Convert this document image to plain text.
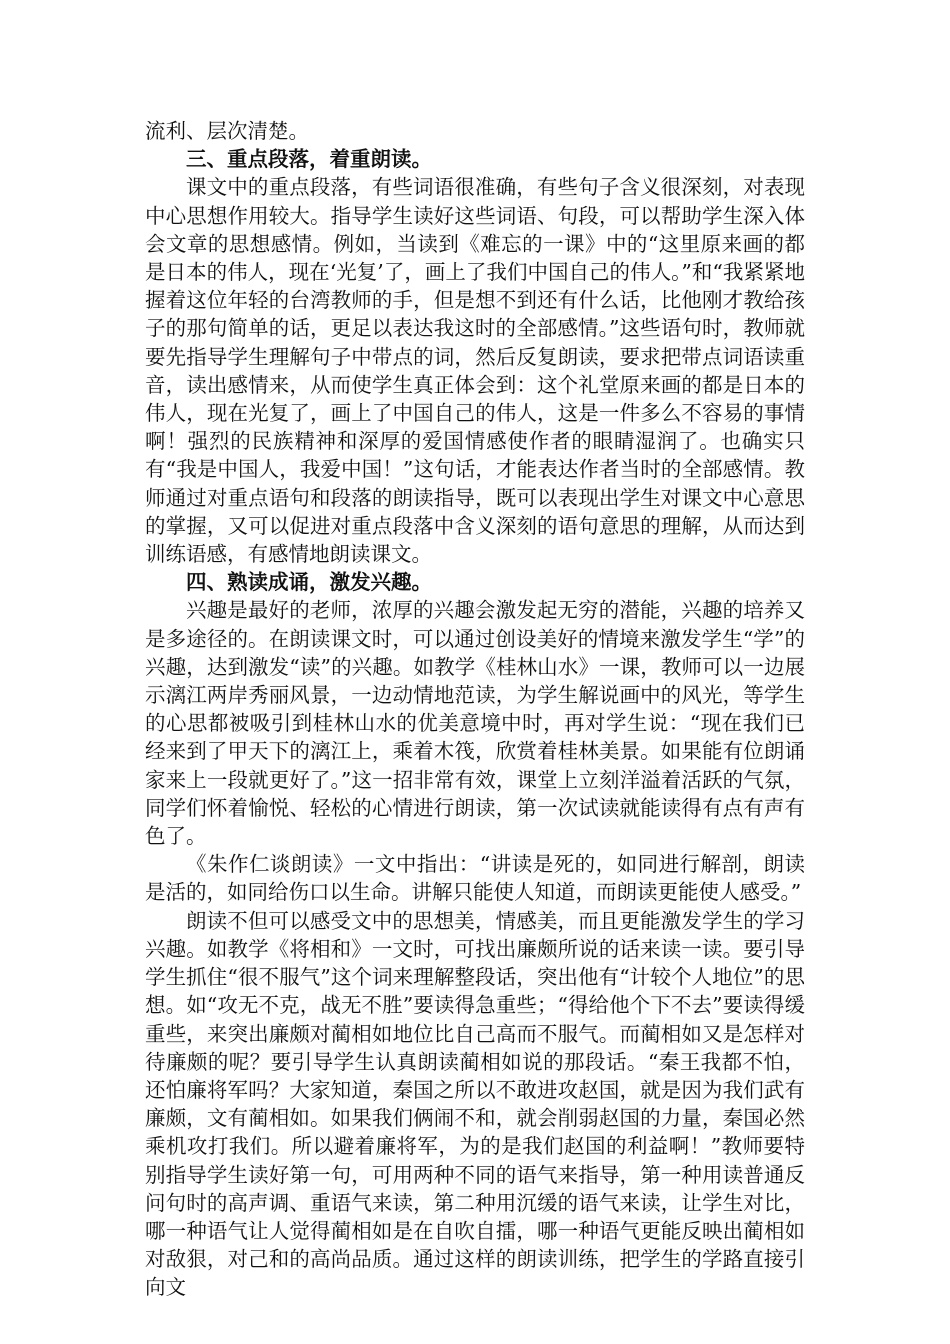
流利、层次清楚。

三、重点段落，着重朗读。

课文中的重点段落，有些词语很准确，有些句子含义很深刻，对表现中心思想作用较大。指导学生读好这些词语、句段，可以帮助学生深入体会文章的思想感情。例如，当读到《难忘的一课》中的“这里原来画的都是日本的伟人，现在‘光复’了，画上了我们中国自己的伟人。”和“我紧紧地握着这位年轻的台湾教师的手，但是想不到还有什么话，比他刚才教给孩子的那句简单的话，更足以表达我这时的全部感情。”这些语句时，教师就要先指导学生理解句子中带点的词，然后反复朗读，要求把带点词语读重音，读出感情来，从而使学生真正体会到：这个礼堂原来画的都是日本的伟人，现在光复了，画上了中国自己的伟人，这是一件多么不容易的事情啊！强烈的民族精神和深厚的爱国情感使作者的眼睛湿润了。也确实只有“我是中国人，我爱中国！”这句话，才能表达作者当时的全部感情。教师通过对重点语句和段落的朗读指导，既可以表现出学生对课文中心意思的掌握，又可以促进对重点段落中含义深刻的语句意思的理解，从而达到训练语感，有感情地朗读课文。

四、熟读成诵，激发兴趣。

兴趣是最好的老师，浓厚的兴趣会激发起无穷的潜能，兴趣的培养又是多途径的。在朗读课文时，可以通过创设美好的情境来激发学生“学”的兴趣，达到激发“读”的兴趣。如教学《桂林山水》一课，教师可以一边展示漓江两岸秀丽风景，一边动情地范读，为学生解说画中的风光，等学生的心思都被吸引到桂林山水的优美意境中时，再对学生说：“现在我们已经来到了甲天下的漓江上，乘着木筏，欣赏着桂林美景。如果能有位朗诵家来上一段就更好了。”这一招非常有效，课堂上立刻洋溢着活跃的气氛，同学们怀着愉悦、轻松的心情进行朗读，第一次试读就能读得有点有声有色了。

《朱作仁谈朗读》一文中指出：“讲读是死的，如同进行解剖，朗读是活的，如同给伤口以生命。讲解只能使人知道，而朗读更能使人感受。”

朗读不但可以感受文中的思想美，情感美，而且更能激发学生的学习兴趣。如教学《将相和》一文时，可找出廉颇所说的话来读一读。要引导学生抓住“很不服气”这个词来理解整段话，突出他有“计较个人地位”的思想。如“攻无不克，战无不胜”要读得急重些；“得给他个下不去”要读得缓重些，来突出廉颇对蔺相如地位比自己高而不服气。而蔺相如又是怎样对待廉颇的呢？要引导学生认真朗读蔺相如说的那段话。“秦王我都不怕，还怕廉将军吗？大家知道，秦国之所以不敢进攻赵国，就是因为我们武有廉颇，文有蔺相如。如果我们俩闹不和，就会削弱赵国的力量，秦国必然乘机攻打我们。所以避着廉将军，为的是我们赵国的利益啊！”教师要特别指导学生读好第一句，可用两种不同的语气来指导，第一种用读普通反问句时的高声调、重语气来读，第二种用沉缓的语气来读，让学生对比，哪一种语气让人觉得蔺相如是在自吹自擂，哪一种语气更能反映出蔺相如对敌狠，对己和的高尚品质。通过这样的朗读训练，把学生的学路直接引向文
